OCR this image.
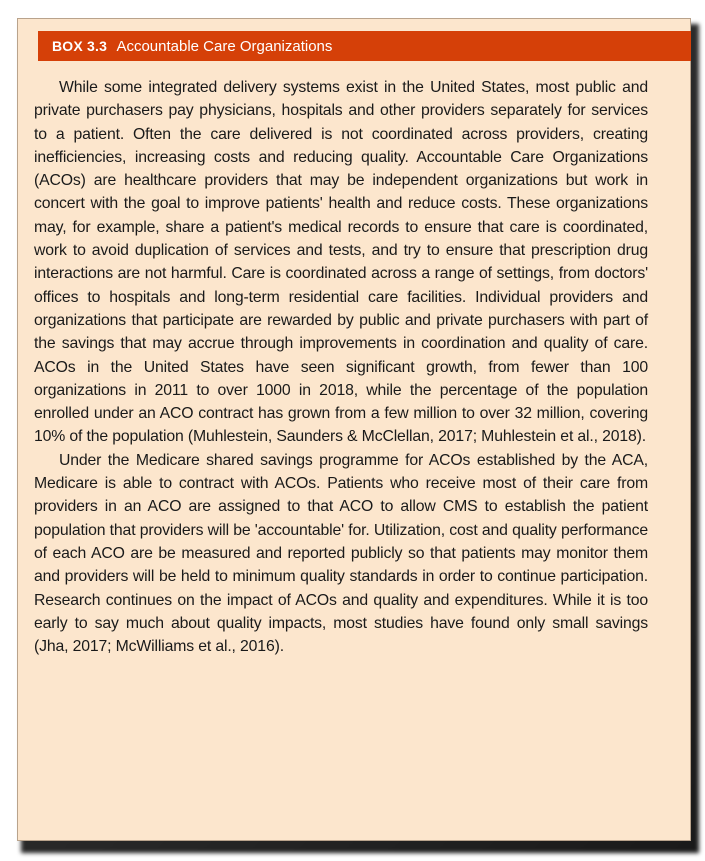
BOX 3.3 Accountable Care Organizations

While some integrated delivery systems exist in the United States, most public and private purchasers pay physicians, hospitals and other providers separately for services to a patient. Often the care delivered is not coordinated across providers, creating inefficiencies, increasing costs and reducing quality. Accountable Care Organizations (ACOs) are healthcare providers that may be independent organizations but work in concert with the goal to improve patients' health and reduce costs. These organizations may, for example, share a patient's medical records to ensure that care is coordinated, work to avoid duplication of services and tests, and try to ensure that prescription drug interactions are not harmful. Care is coordinated across a range of settings, from doctors' offices to hospitals and long-term residential care facilities. Individual providers and organizations that participate are rewarded by public and private purchasers with part of the savings that may accrue through improvements in coordination and quality of care. ACOs in the United States have seen significant growth, from fewer than 100 organizations in 2011 to over 1000 in 2018, while the percentage of the population enrolled under an ACO contract has grown from a few million to over 32 million, covering 10% of the population (Muhlestein, Saunders & McClellan, 2017; Muhlestein et al., 2018).

Under the Medicare shared savings programme for ACOs established by the ACA, Medicare is able to contract with ACOs. Patients who receive most of their care from providers in an ACO are assigned to that ACO to allow CMS to establish the patient population that providers will be 'accountable' for. Utilization, cost and quality performance of each ACO are be measured and reported publicly so that patients may monitor them and providers will be held to minimum quality standards in order to continue participation. Research continues on the impact of ACOs and quality and expenditures. While it is too early to say much about quality impacts, most studies have found only small savings (Jha, 2017; McWilliams et al., 2016).
